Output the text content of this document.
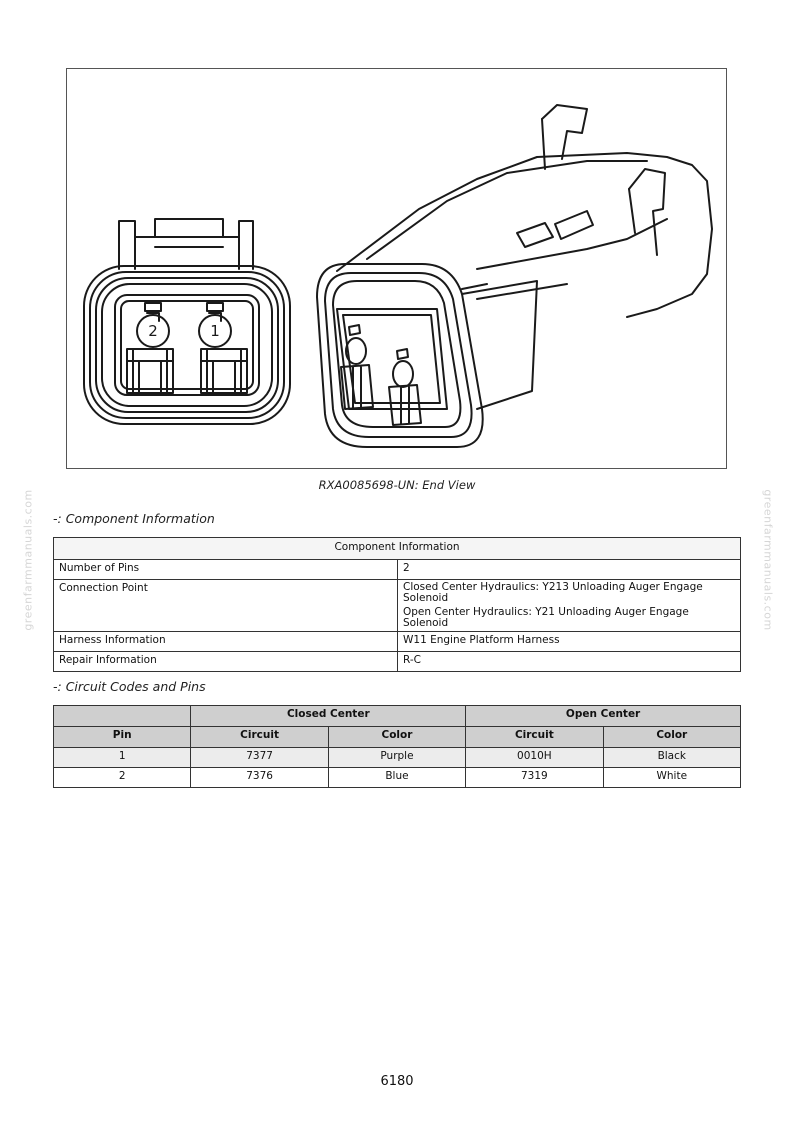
greenfarmmanuals.com	greenfarmmanuals.com
2	1
RXA0085698-UN: End View
-: Component Information
Component Information	
Number of Pins	2
Connection Point	Closed Center Hydraulics: Y213 Unloading Auger Engage Solenoid
Open Center Hydraulics: Y21 Unloading Auger Engage Solenoid

Harness Information	W11 Engine Platform Harness
Repair Information	R-C
-: Circuit Codes and Pins
	Closed Center		Open Center	
Pin	Circuit	Color	Circuit	Color
1	7377	Purple	0010H	Black
2	7376	Blue	7319	White
6180
